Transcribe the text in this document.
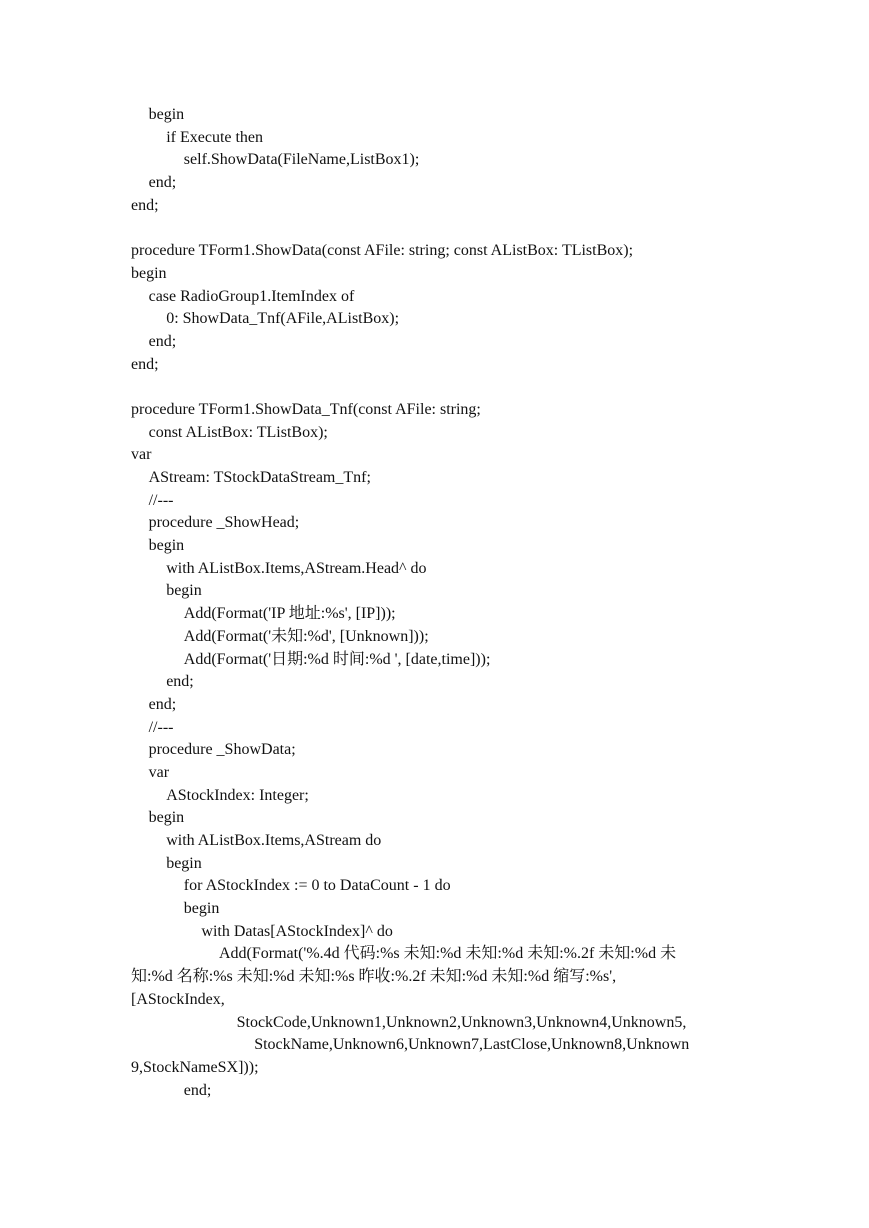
begin
if Execute then
self.ShowData(FileName,ListBox1);
end;
end;
procedure TForm1.ShowData(const AFile: string; const AListBox: TListBox);
begin
case RadioGroup1.ItemIndex of
0: ShowData_Tnf(AFile,AListBox);
end;
end;
procedure TForm1.ShowData_Tnf(const AFile: string;
const AListBox: TListBox);
var
AStream: TStockDataStream_Tnf;
//---
procedure _ShowHead;
begin
with AListBox.Items,AStream.Head^ do
begin
Add(Format('IP 地址:%s', [IP]));
Add(Format('未知:%d', [Unknown]));
Add(Format('日期:%d 时间:%d ', [date,time]));
end;
end;
//---
procedure _ShowData;
var
AStockIndex: Integer;
begin
with AListBox.Items,AStream do
begin
for AStockIndex := 0 to DataCount - 1 do
begin
with Datas[AStockIndex]^ do
Add(Format('%.4d 代码:%s 未知:%d 未知:%d 未知:%.2f 未知:%d 未
知:%d 名称:%s 未知:%d 未知:%s 昨收:%.2f 未知:%d 未知:%d 缩写:%s',
[AStockIndex,
StockCode,Unknown1,Unknown2,Unknown3,Unknown4,Unknown5,
StockName,Unknown6,Unknown7,LastClose,Unknown8,Unknown
9,StockNameSX]));
end;
